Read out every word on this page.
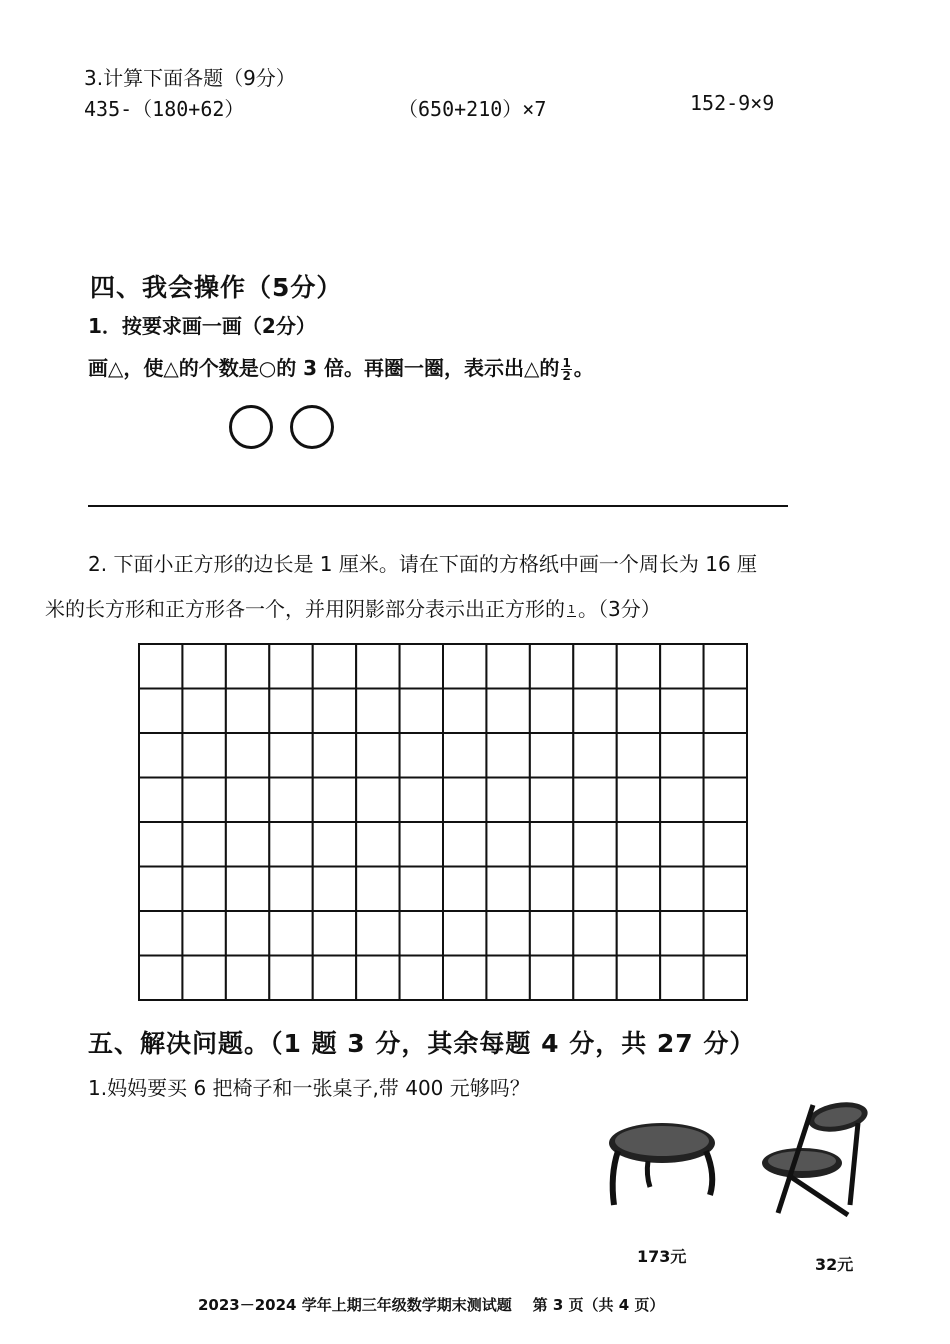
3.计算下面各题（9分）
435-（180+62）	（650+210）×7	152-9×9
四、我会操作（5分）
1．按要求画一画（2分）
画△，使△的个数是○的 3 倍。再圈一圈，表示出△的 $\frac{1}{2}$ 。
2. 下面小正方形的边长是 1 厘米。请在下面的方格纸中画一个周长为 16 厘
米的长方形和正方形各一个，并用阴影部分表示出正方形的 1 。（3分）
五、解决问题。（1 题 3 分，其余每题 4 分，共 27 分）
1.妈妈要买 6 把椅子和一张桌子,带 400 元够吗？
173元	32元
2023－2024 学年上期三年级数学期末测试题    第 3 页（共 4 页）
